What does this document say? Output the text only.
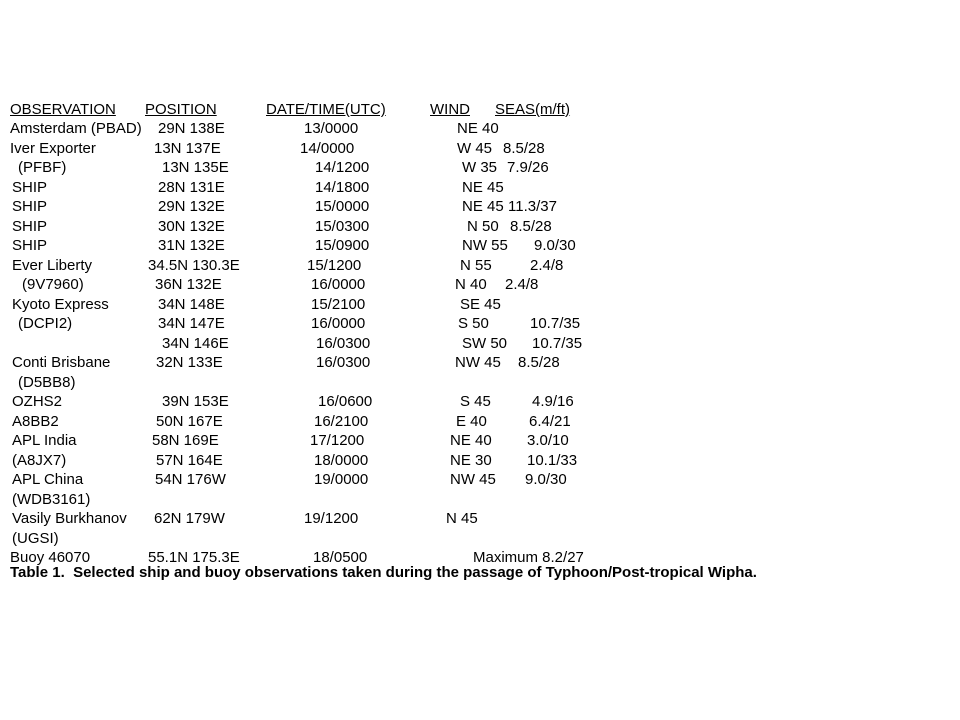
OBSERVATION POSITION	DATE/TIME(UTC)	WIND SEAS(m/ft)
Amsterdam (PBAD) 29N 138E	13/0000	NE 40
Iver Exporter	13N 137E	14/0000	W 45 8.5/28
(PFBF)	13N 135E	14/1200	W 35 7.9/26
SHIP	28N 131E	14/1800	NE 45
SHIP	29N 132E	15/0000	NE 45 11.3/37
SHIP	30N 132E	15/0300	N 50 8.5/28
SHIP	31N 132E	15/0900	NW 55 9.0/30
Ever Liberty	34.5N 130.3E	15/1200	N 55	2.4/8
(9V7960)	36N 132E	16/0000	N 40 2.4/8
Kyoto Express	34N 148E	15/2100	SE 45
(DCPI2)	34N 147E	16/0000	S 50	10.7/35
34N 146E	16/0300	SW 50 10.7/35
Conti Brisbane	32N 133E	16/0300	NW 45 8.5/28
(D5BB8)
OZHS2	39N 153E	16/0600	S 45	4.9/16
A8BB2	50N 167E	16/2100	E 40	6.4/21
APL India	58N 169E	17/1200	NE 40 3.0/10
(A8JX7)	57N 164E	18/0000	NE 30 10.1/33
APL China	54N 176W	19/0000	NW 45 9.0/30
(WDB3161)
Vasily Burkhanov 62N 179W	19/1200	N 45
(UGSI)
Buoy 46070	55.1N 175.3E	18/0500	Maximum 8.2/27
Table 1.  Selected ship and buoy observations taken during the passage of Typhoon/Post-tropical Wipha.
